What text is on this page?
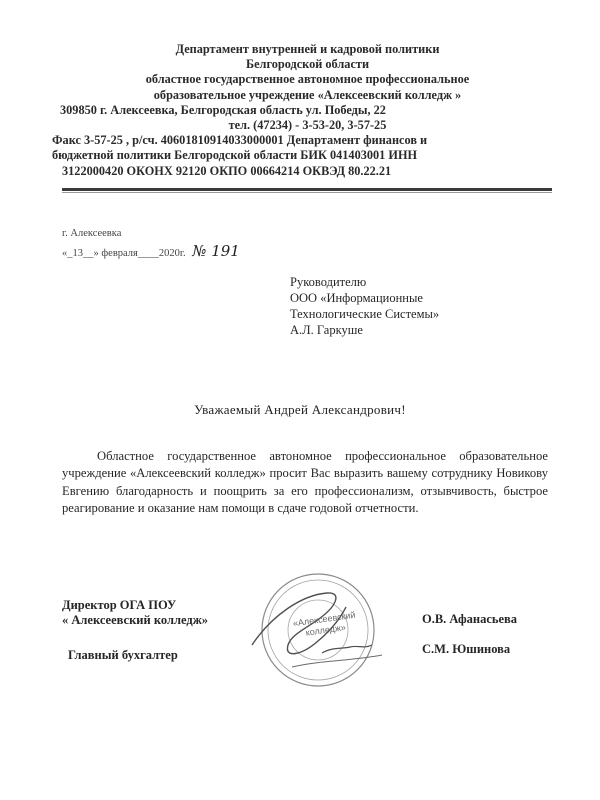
Департамент внутренней и кадровой политики
Белгородской области
областное государственное автономное профессиональное
образовательное учреждение «Алексеевский колледж »
309850 г. Алексеевка, Белгородская область ул. Победы, 22
тел. (47234) - 3-53-20, 3-57-25
Факс 3-57-25 , р/сч. 40601810914033000001 Департамент финансов и
бюджетной политики Белгородской области БИК 041403001 ИНН
3122000420 ОКОНХ 92120 ОКПО 00664214 ОКВЭД 80.22.21
г. Алексеевка
«_13__» февраля____2020г. № 191
Руководителю
ООО «Информационные
Технологические Системы»
А.Л. Гаркуше
Уважаемый Андрей Александрович!
Областное государственное автономное профессиональное образовательное учреждение «Алексеевский колледж» просит Вас выразить вашему сотруднику Новикову Евгению благодарность и поощрить за его профессионализм, отзывчивость, быстрое реагирование и оказание нам помощи в сдаче годовой отчетности.
«Алексеевский колледж»
Директор ОГА ПОУ
« Алексеевский колледж»	О.В. Афанасьева
Главный бухгалтер	С.М. Юшинова
